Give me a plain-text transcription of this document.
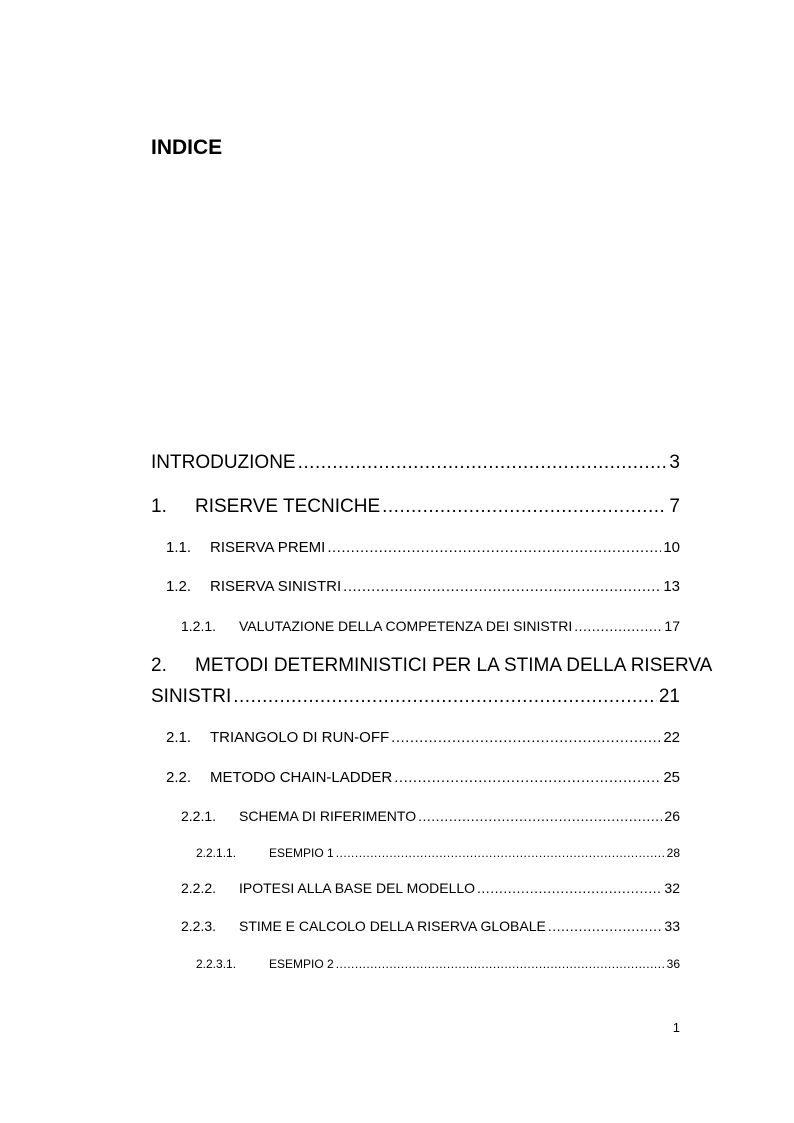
INDICE
INTRODUZIONE .....	3
1.	RISERVE TECNICHE .....	7
1.1.	RISERVA PREMI .....	10
1.2.	RISERVA SINISTRI .....	13
1.2.1.	VALUTAZIONE DELLA COMPETENZA DEI SINISTRI .....	17
2. METODI DETERMINISTICI PER LA STIMA DELLA RISERVA
SINISTRI .....	21
2.1.	TRIANGOLO DI RUN-OFF .....	22
2.2.	METODO CHAIN-LADDER .....	25
2.2.1.	SCHEMA DI RIFERIMENTO .....	26
2.2.1.1.	ESEMPIO 1 .....	28
2.2.2.	IPOTESI ALLA BASE DEL MODELLO .....	32
2.2.3.	STIME E CALCOLO DELLA RISERVA GLOBALE .....	33
2.2.3.1.	ESEMPIO 2 .....	36
1
